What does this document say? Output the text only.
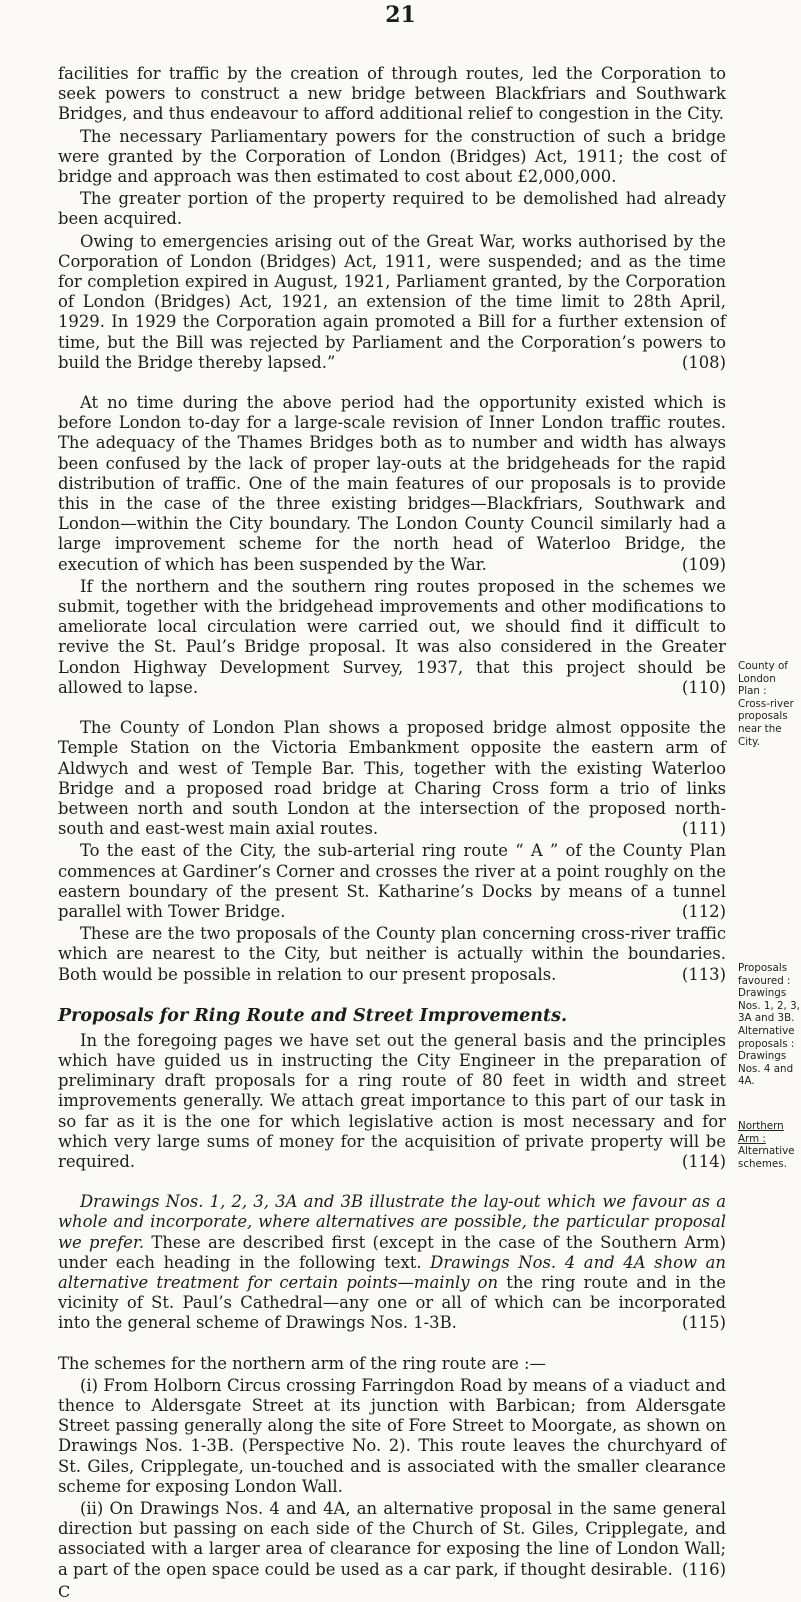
21

facilities for traffic by the creation of through routes, led the Corporation to seek powers to construct a new bridge between Blackfriars and Southwark Bridges, and thus endeavour to afford additional relief to congestion in the City.

The necessary Parliamentary powers for the construction of such a bridge were granted by the Corporation of London (Bridges) Act, 1911; the cost of bridge and approach was then estimated to cost about £2,000,000.

The greater portion of the property required to be demolished had already been acquired.

Owing to emergencies arising out of the Great War, works authorised by the Corporation of London (Bridges) Act, 1911, were suspended; and as the time for completion expired in August, 1921, Parliament granted, by the Corporation of London (Bridges) Act, 1921, an extension of the time limit to 28th April, 1929. In 1929 the Corporation again promoted a Bill for a further extension of time, but the Bill was rejected by Parliament and the Corporation’s powers to build the Bridge thereby lapsed.”	(108)

At no time during the above period had the opportunity existed which is before London to-day for a large-scale revision of Inner London traffic routes. The adequacy of the Thames Bridges both as to number and width has always been confused by the lack of proper lay-outs at the bridgeheads for the rapid distribution of traffic. One of the main features of our proposals is to provide this in the case of the three existing bridges—Blackfriars, Southwark and London—within the City boundary. The London County Council similarly had a large improvement scheme for the north head of Waterloo Bridge, the execution of which has been suspended by the War.	(109)

If the northern and the southern ring routes proposed in the schemes we submit, together with the bridgehead improvements and other modifications to ameliorate local circulation were carried out, we should find it difficult to revive the St. Paul’s Bridge proposal. It was also considered in the Greater London Highway Development Survey, 1937, that this project should be allowed to lapse.	(110)

The County of London Plan shows a proposed bridge almost opposite the Temple Station on the Victoria Embankment opposite the eastern arm of Aldwych and west of Temple Bar. This, together with the existing Waterloo Bridge and a proposed road bridge at Charing Cross form a trio of links between north and south London at the intersection of the proposed north-south and east-west main axial routes.	(111)

To the east of the City, the sub-arterial ring route “ A ” of the County Plan commences at Gardiner’s Corner and crosses the river at a point roughly on the eastern boundary of the present St. Katharine’s Docks by means of a tunnel parallel with Tower Bridge.	(112)

These are the two proposals of the County plan concerning cross-river traffic which are nearest to the City, but neither is actually within the boundaries. Both would be possible in relation to our present proposals.	(113)

Proposals for Ring Route and Street Improvements.

In the foregoing pages we have set out the general basis and the principles which have guided us in instructing the City Engineer in the preparation of preliminary draft proposals for a ring route of 80 feet in width and street improvements generally. We attach great importance to this part of our task in so far as it is the one for which legislative action is most necessary and for which very large sums of money for the acquisition of private property will be required.	(114)

Drawings Nos. 1, 2, 3, 3A and 3B illustrate the lay-out which we favour as a whole and incorporate, where alternatives are possible, the particular proposal we prefer. These are described first (except in the case of the Southern Arm) under each heading in the following text. Drawings Nos. 4 and 4A show an alternative treatment for certain points—mainly on the ring route and in the vicinity of St. Paul’s Cathedral—any one or all of which can be incorporated into the general scheme of Drawings Nos. 1-3B.	(115)

The schemes for the northern arm of the ring route are :—

(i) From Holborn Circus crossing Farringdon Road by means of a viaduct and thence to Aldersgate Street at its junction with Barbican; from Aldersgate Street passing generally along the site of Fore Street to Moorgate, as shown on Drawings Nos. 1-3B. (Perspective No. 2). This route leaves the churchyard of St. Giles, Cripplegate, un-touched and is associated with the smaller clearance scheme for exposing London Wall.

(ii) On Drawings Nos. 4 and 4A, an alternative proposal in the same general direction but passing on each side of the Church of St. Giles, Cripplegate, and associated with a larger area of clearance for exposing the line of London Wall; a part of the open space could be used as a car park, if thought desirable. (116)

C
County of London Plan :
Cross-river proposals near the City.
Proposals favoured :
Drawings Nos. 1, 2, 3, 3A and 3B.
Alternative proposals :
Drawings Nos. 4 and 4A.
Northern Arm :
Alternative schemes.
